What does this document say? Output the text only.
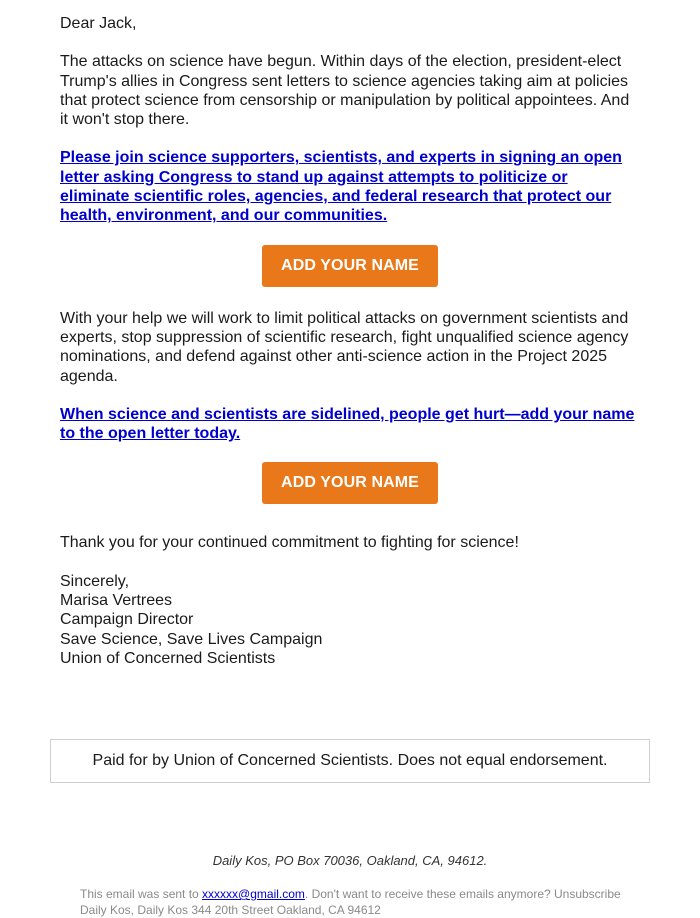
Dear Jack,

The attacks on science have begun. Within days of the election, president-elect Trump's allies in Congress sent letters to science agencies taking aim at policies that protect science from censorship or manipulation by political appointees. And it won't stop there.

Please join science supporters, scientists, and experts in signing an open letter asking Congress to stand up against attempts to politicize or eliminate scientific roles, agencies, and federal research that protect our health, environment, and our communities.

ADD YOUR NAME

With your help we will work to limit political attacks on government scientists and experts, stop suppression of scientific research, fight unqualified science agency nominations, and defend against other anti-science action in the Project 2025 agenda.

When science and scientists are sidelined, people get hurt—add your name to the open letter today.

ADD YOUR NAME

Thank you for your continued commitment to fighting for science!

Sincerely,
Marisa Vertrees
Campaign Director
Save Science, Save Lives Campaign
Union of Concerned Scientists
Paid for by Union of Concerned Scientists. Does not equal endorsement.
Daily Kos, PO Box 70036, Oakland, CA, 94612.
This email was sent to xxxxxx@gmail.com. Don't want to receive these emails anymore? Unsubscribe
Daily Kos, Daily Kos 344 20th Street Oakland, CA 94612
